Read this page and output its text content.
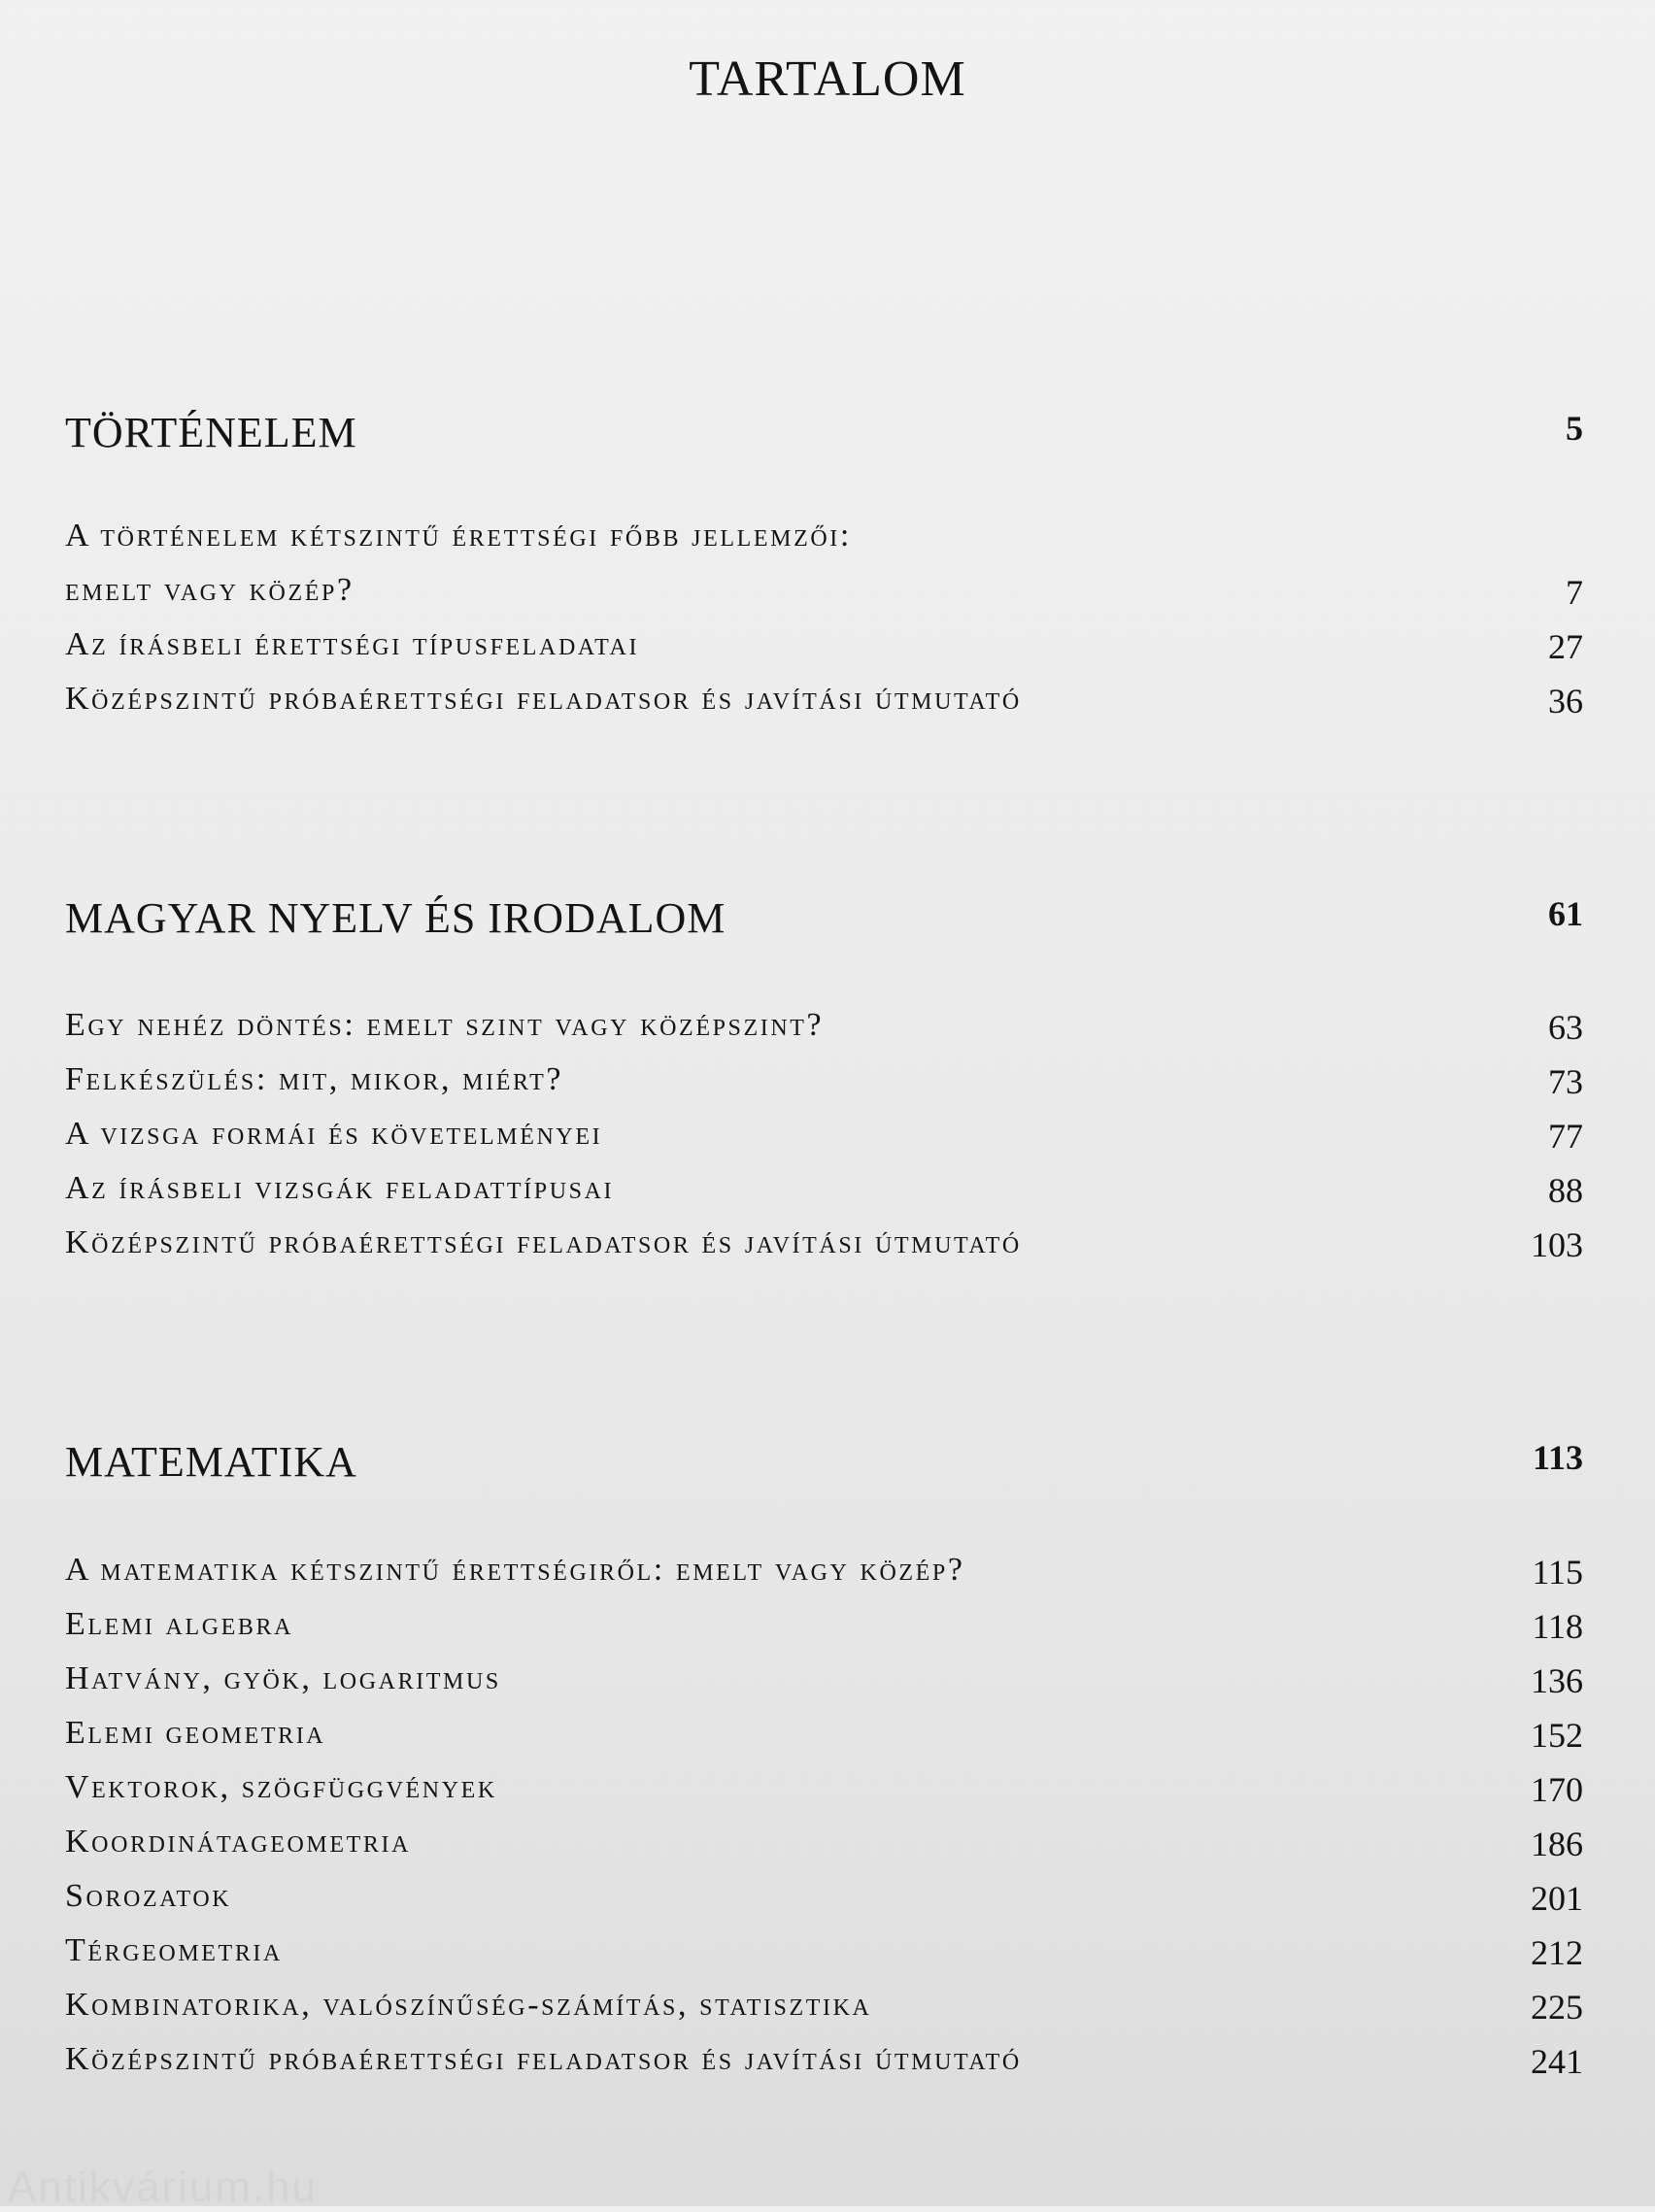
TARTALOM
TÖRTÉNELEM	5
A történelem kétszintű érettségi főbb jellemzői:
emelt vagy közép?	7
Az írásbeli érettségi típusfeladatai	27
Középszintű próbaérettségi feladatsor és javítási útmutató	36
MAGYAR NYELV ÉS IRODALOM	61
Egy nehéz döntés: emelt szint vagy középszint?	63
Felkészülés: mit, mikor, miért?	73
A vizsga formái és követelményei	77
Az írásbeli vizsgák feladattípusai	88
Középszintű próbaérettségi feladatsor és javítási útmutató	103
MATEMATIKA	113
A matematika kétszintű érettségiről: emelt vagy közép?	115
Elemi algebra	118
Hatvány, gyök, logaritmus	136
Elemi geometria	152
Vektorok, szögfüggvények	170
Koordinátageometria	186
Sorozatok	201
Térgeometria	212
Kombinatorika, valószínűség-számítás, statisztika	225
Középszintű próbaérettségi feladatsor és javítási útmutató	241
Antikvárium.hu
